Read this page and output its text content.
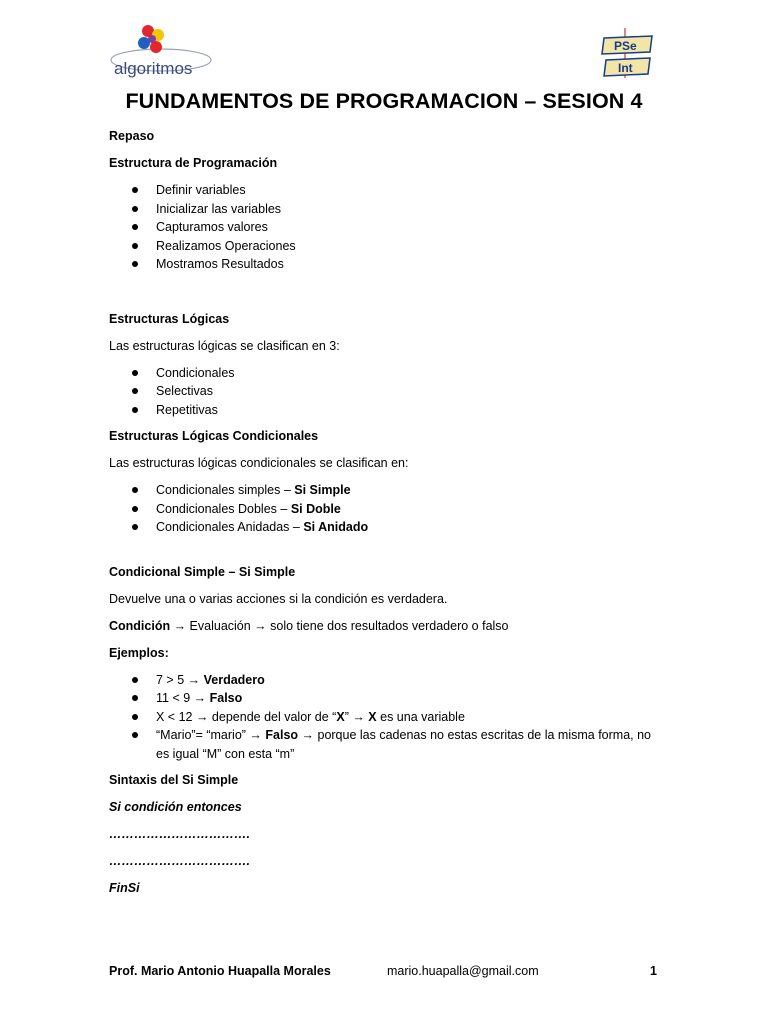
algoritmos
PSe
Int
FUNDAMENTOS DE PROGRAMACION – SESION 4

Repaso

Estructura de Programación

Definir variables
Inicializar las variables
Capturamos valores
Realizamos Operaciones
Mostramos Resultados

Estructuras Lógicas

Las estructuras lógicas se clasifican en 3:

Condicionales
Selectivas
Repetitivas

Estructuras Lógicas Condicionales

Las estructuras lógicas condicionales se clasifican en:

Condicionales simples – Si Simple
Condicionales Dobles – Si Doble
Condicionales Anidadas – Si Anidado

Condicional Simple – Si Simple

Devuelve una o varias acciones si la condición es verdadera.

Condición → Evaluación → solo tiene dos resultados verdadero o falso

Ejemplos:

7 > 5 → Verdadero
11 < 9 → Falso
X < 12 → depende del valor de “X” → X es una variable
“Mario”= “mario” → Falso → porque las cadenas no estas escritas de la misma forma, no es igual “M” con esta “m”

Sintaxis del Si Simple

Si condición entonces

…………………………….

…………………………….

FinSi

Prof. Mario Antonio Huapalla Morales	mario.huapalla@gmail.com	1
